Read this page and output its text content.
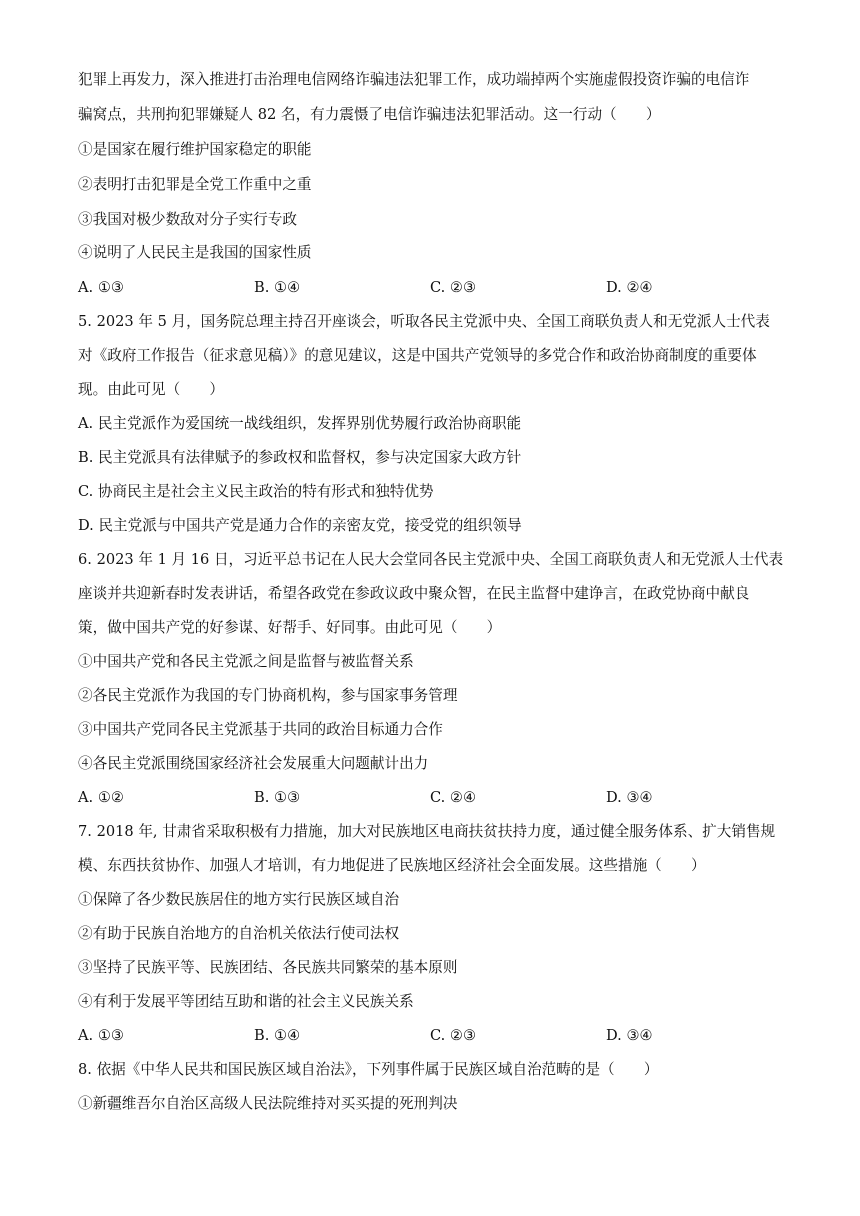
犯罪上再发力，深入推进打击治理电信网络诈骗违法犯罪工作，成功端掉两个实施虚假投资诈骗的电信诈
骗窝点，共刑拘犯罪嫌疑人 82 名，有力震慑了电信诈骗违法犯罪活动。这一行动（　　）
①是国家在履行维护国家稳定的职能
②表明打击犯罪是全党工作重中之重
③我国对极少数敌对分子实行专政
④说明了人民民主是我国的国家性质
A. ①③	B. ①④	C. ②③	D. ②④
5. 2023 年 5 月，国务院总理主持召开座谈会，听取各民主党派中央、全国工商联负责人和无党派人士代表
对《政府工作报告（征求意见稿）》的意见建议，这是中国共产党领导的多党合作和政治协商制度的重要体
现。由此可见（　　）
A. 民主党派作为爱国统一战线组织，发挥界别优势履行政治协商职能
B. 民主党派具有法律赋予的参政权和监督权，参与决定国家大政方针
C. 协商民主是社会主义民主政治的特有形式和独特优势
D. 民主党派与中国共产党是通力合作的亲密友党，接受党的组织领导
6. 2023 年 1 月 16 日，习近平总书记在人民大会堂同各民主党派中央、全国工商联负责人和无党派人士代表
座谈并共迎新春时发表讲话，希望各政党在参政议政中聚众智，在民主监督中建诤言，在政党协商中献良
策，做中国共产党的好参谋、好帮手、好同事。由此可见（　　）
①中国共产党和各民主党派之间是监督与被监督关系
②各民主党派作为我国的专门协商机构，参与国家事务管理
③中国共产党同各民主党派基于共同的政治目标通力合作
④各民主党派围绕国家经济社会发展重大问题献计出力
A. ①②	B. ①③	C. ②④	D. ③④
7. 2018 年, 甘肃省采取积极有力措施，加大对民族地区电商扶贫扶持力度，通过健全服务体系、扩大销售规
模、东西扶贫协作、加强人才培训，有力地促进了民族地区经济社会全面发展。这些措施（　　）
①保障了各少数民族居住的地方实行民族区域自治
②有助于民族自治地方的自治机关依法行使司法权
③坚持了民族平等、民族团结、各民族共同繁荣的基本原则
④有利于发展平等团结互助和谐的社会主义民族关系
A. ①③	B. ①④	C. ②③	D. ③④
8. 依据《中华人民共和国民族区域自治法》，下列事件属于民族区域自治范畴的是（　　）
①新疆维吾尔自治区高级人民法院维持对买买提的死刑判决
